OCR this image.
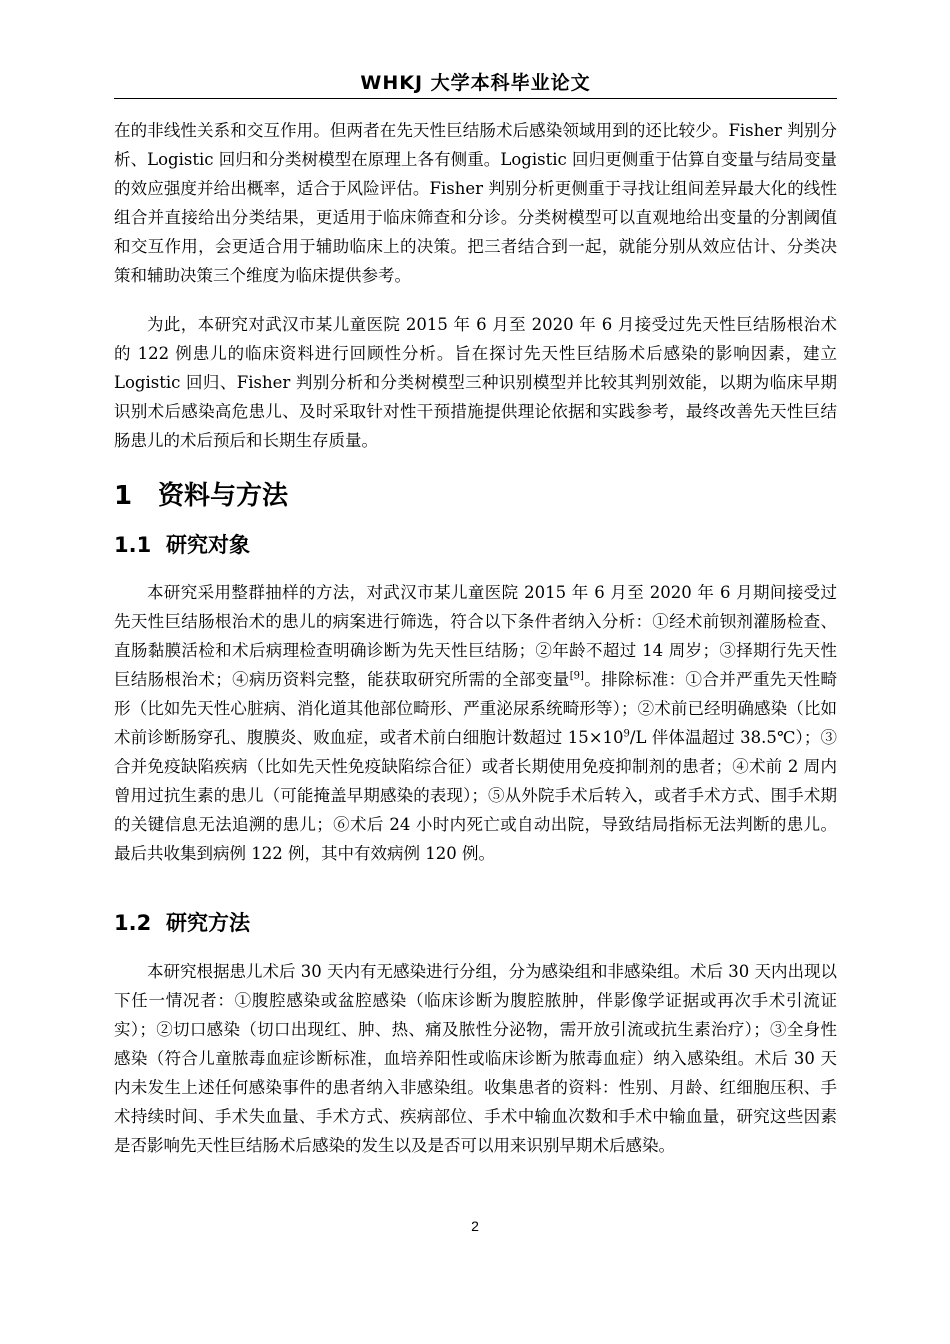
WHKJ 大学本科毕业论文

在的非线性关系和交互作用。但两者在先天性巨结肠术后感染领域用到的还比较少。Fisher 判别分析、Logistic 回归和分类树模型在原理上各有侧重。Logistic 回归更侧重于估算自变量与结局变量的效应强度并给出概率，适合于风险评估。Fisher 判别分析更侧重于寻找让组间差异最大化的线性组合并直接给出分类结果，更适用于临床筛查和分诊。分类树模型可以直观地给出变量的分割阈值和交互作用，会更适合用于辅助临床上的决策。把三者结合到一起，就能分别从效应估计、分类决策和辅助决策三个维度为临床提供参考。

为此，本研究对武汉市某儿童医院 2015 年 6 月至 2020 年 6 月接受过先天性巨结肠根治术的 122 例患儿的临床资料进行回顾性分析。旨在探讨先天性巨结肠术后感染的影响因素，建立 Logistic 回归、Fisher 判别分析和分类树模型三种识别模型并比较其判别效能，以期为临床早期识别术后感染高危患儿、及时采取针对性干预措施提供理论依据和实践参考，最终改善先天性巨结肠患儿的术后预后和长期生存质量。

1 资料与方法
1.1 研究对象

本研究采用整群抽样的方法，对武汉市某儿童医院 2015 年 6 月至 2020 年 6 月期间接受过先天性巨结肠根治术的患儿的病案进行筛选，符合以下条件者纳入分析：①经术前钡剂灌肠检查、直肠黏膜活检和术后病理检查明确诊断为先天性巨结肠；②年龄不超过 14 周岁；③择期行先天性巨结肠根治术；④病历资料完整，能获取研究所需的全部变量[9]。排除标准：①合并严重先天性畸形（比如先天性心脏病、消化道其他部位畸形、严重泌尿系统畸形等）；②术前已经明确感染（比如术前诊断肠穿孔、腹膜炎、败血症，或者术前白细胞计数超过 $15\times 10^9/L$ 伴体温超过 38.5℃）；③合并免疫缺陷疾病（比如先天性免疫缺陷综合征）或者长期使用免疫抑制剂的患者；④术前 2 周内曾用过抗生素的患儿（可能掩盖早期感染的表现）；⑤从外院手术后转入，或者手术方式、围手术期的关键信息无法追溯的患儿；⑥术后 24 小时内死亡或自动出院，导致结局指标无法判断的患儿。最后共收集到病例 122 例，其中有效病例 120 例。

1.2 研究方法

本研究根据患儿术后 30 天内有无感染进行分组，分为感染组和非感染组。术后 30 天内出现以下任一情况者：①腹腔感染或盆腔感染（临床诊断为腹腔脓肿，伴影像学证据或再次手术引流证实）；②切口感染（切口出现红、肿、热、痛及脓性分泌物，需开放引流或抗生素治疗）；③全身性感染（符合儿童脓毒血症诊断标准，血培养阳性或临床诊断为脓毒血症）纳入感染组。术后 30 天内未发生上述任何感染事件的患者纳入非感染组。收集患者的资料：性别、月龄、红细胞压积、手术持续时间、手术失血量、手术方式、疾病部位、手术中输血次数和手术中输血量，研究这些因素是否影响先天性巨结肠术后感染的发生以及是否可以用来识别早期术后感染。

2
